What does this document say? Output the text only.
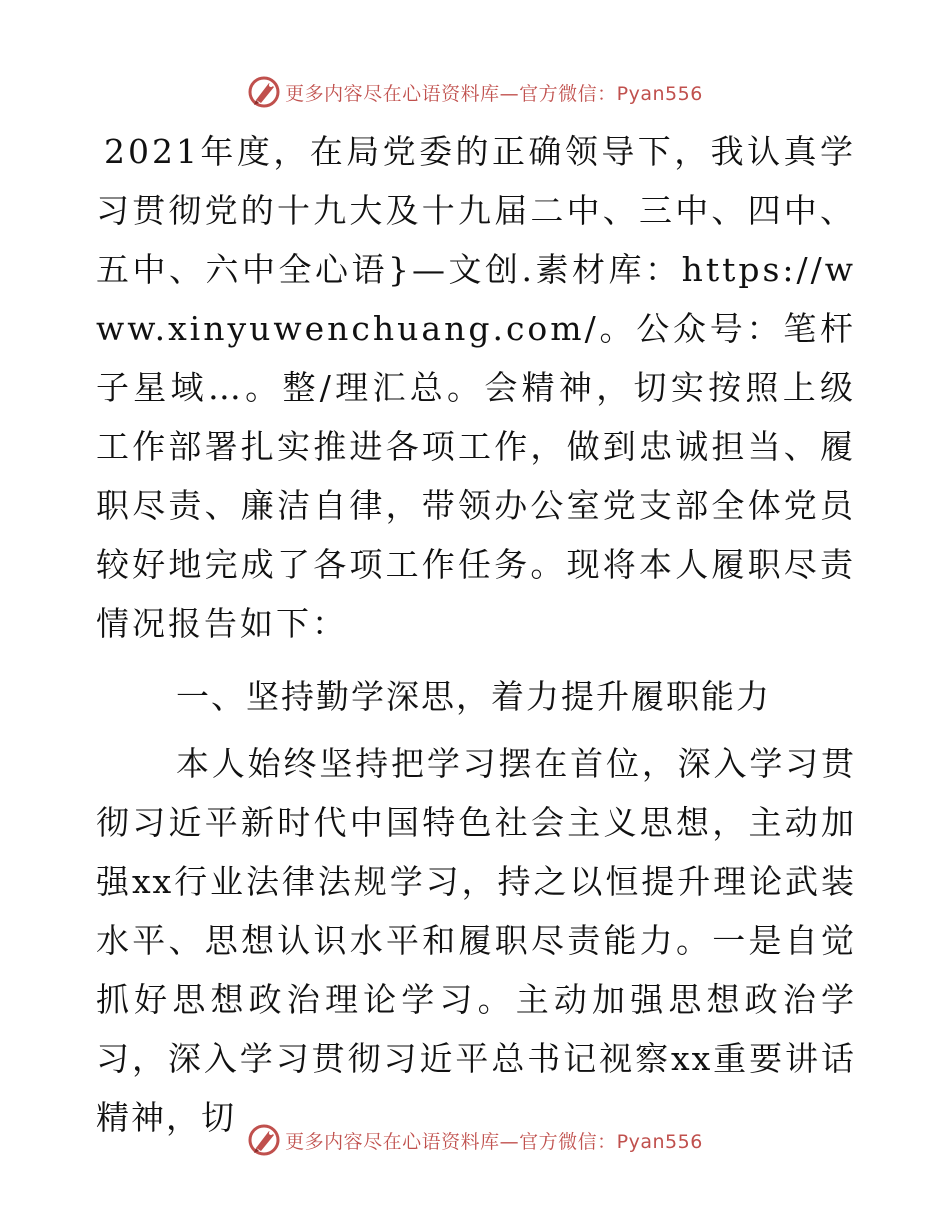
更多内容尽在心语资料库—官方微信：Pyan556

2021年度，在局党委的正确领导下，我认真学习贯彻党的十九大及十九届二中、三中、四中、五中、六中全心语}—文创.素材库：https://www.xinyuwenchuang.com/。公众号：笔杆子星域…。整/理汇总。会精神，切实按照上级工作部署扎实推进各项工作，做到忠诚担当、履职尽责、廉洁自律，带领办公室党支部全体党员较好地完成了各项工作任务。现将本人履职尽责情况报告如下：

一、坚持勤学深思，着力提升履职能力

本人始终坚持把学习摆在首位，深入学习贯彻习近平新时代中国特色社会主义思想，主动加强xx行业法律法规学习，持之以恒提升理论武装水平、思想认识水平和履职尽责能力。一是自觉抓好思想政治理论学习。主动加强思想政治学习，深入学习贯彻习近平总书记视察xx重要讲话精神，切

更多内容尽在心语资料库—官方微信：Pyan556
